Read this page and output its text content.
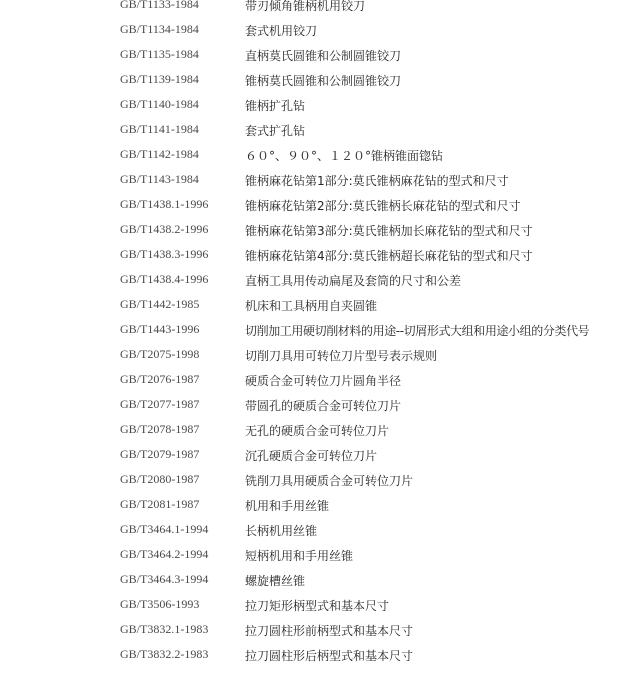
GB/T1133-1984	带刃倾角锥柄机用铰刀
GB/T1134-1984	套式机用铰刀
GB/T1135-1984	直柄莫氏圆锥和公制圆锥铰刀
GB/T1139-1984	锥柄莫氏圆锥和公制圆锥铰刀
GB/T1140-1984	锥柄扩孔钻
GB/T1141-1984	套式扩孔钻
GB/T1142-1984	６０°、９０°、１２０°锥柄锥面锪钻
GB/T1143-1984	锥柄麻花钻第1部分:莫氏锥柄麻花钻的型式和尺寸
GB/T1438.1-1996	锥柄麻花钻第2部分:莫氏锥柄长麻花钻的型式和尺寸
GB/T1438.2-1996	锥柄麻花钻第3部分:莫氏锥柄加长麻花钻的型式和尺寸
GB/T1438.3-1996	锥柄麻花钻第4部分:莫氏锥柄超长麻花钻的型式和尺寸
GB/T1438.4-1996	直柄工具用传动扁尾及套筒的尺寸和公差
GB/T1442-1985	机床和工具柄用自夹圆锥
GB/T1443-1996	切削加工用硬切削材料的用途--切屑形式大组和用途小组的分类代号
GB/T2075-1998	切削刀具用可转位刀片型号表示规则
GB/T2076-1987	硬质合金可转位刀片圆角半径
GB/T2077-1987	带圆孔的硬质合金可转位刀片
GB/T2078-1987	无孔的硬质合金可转位刀片
GB/T2079-1987	沉孔硬质合金可转位刀片
GB/T2080-1987	铣削刀具用硬质合金可转位刀片
GB/T2081-1987	机用和手用丝锥
GB/T3464.1-1994	长柄机用丝锥
GB/T3464.2-1994	短柄机用和手用丝锥
GB/T3464.3-1994	螺旋槽丝锥
GB/T3506-1993	拉刀矩形柄型式和基本尺寸
GB/T3832.1-1983	拉刀圆柱形前柄型式和基本尺寸
GB/T3832.2-1983	拉刀圆柱形后柄型式和基本尺寸
